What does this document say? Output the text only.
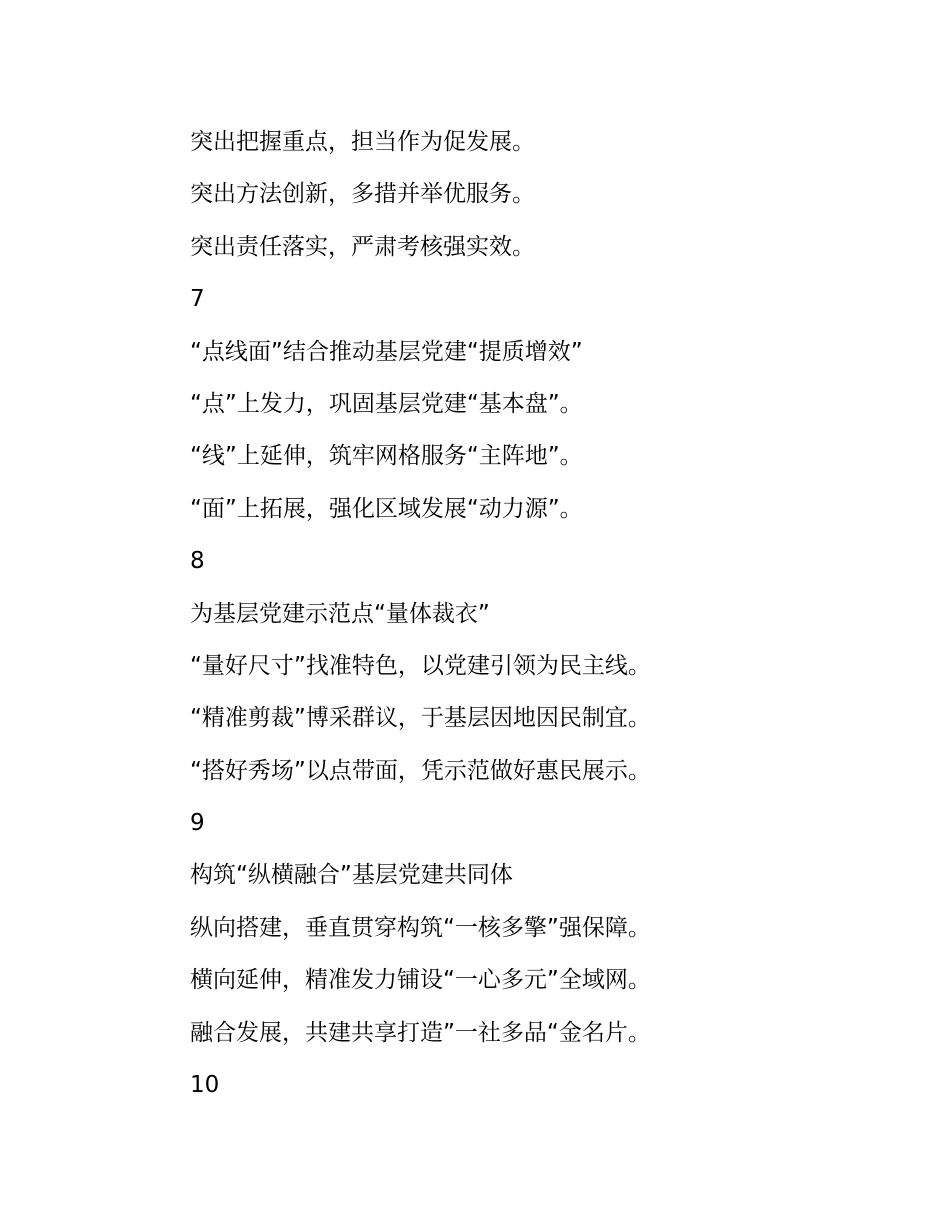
突出把握重点，担当作为促发展。
突出方法创新，多措并举优服务。
突出责任落实，严肃考核强实效。
7
“点线面”结合推动基层党建“提质增效”
“点”上发力，巩固基层党建“基本盘”。
“线”上延伸，筑牢网格服务“主阵地”。
“面”上拓展，强化区域发展“动力源”。
8
为基层党建示范点“量体裁衣”
“量好尺寸”找准特色，以党建引领为民主线。
“精准剪裁”博采群议，于基层因地因民制宜。
“搭好秀场”以点带面，凭示范做好惠民展示。
9
构筑“纵横融合”基层党建共同体
纵向搭建，垂直贯穿构筑“一核多擎”强保障。
横向延伸，精准发力铺设“一心多元”全域网。
融合发展，共建共享打造”一社多品“金名片。
10
